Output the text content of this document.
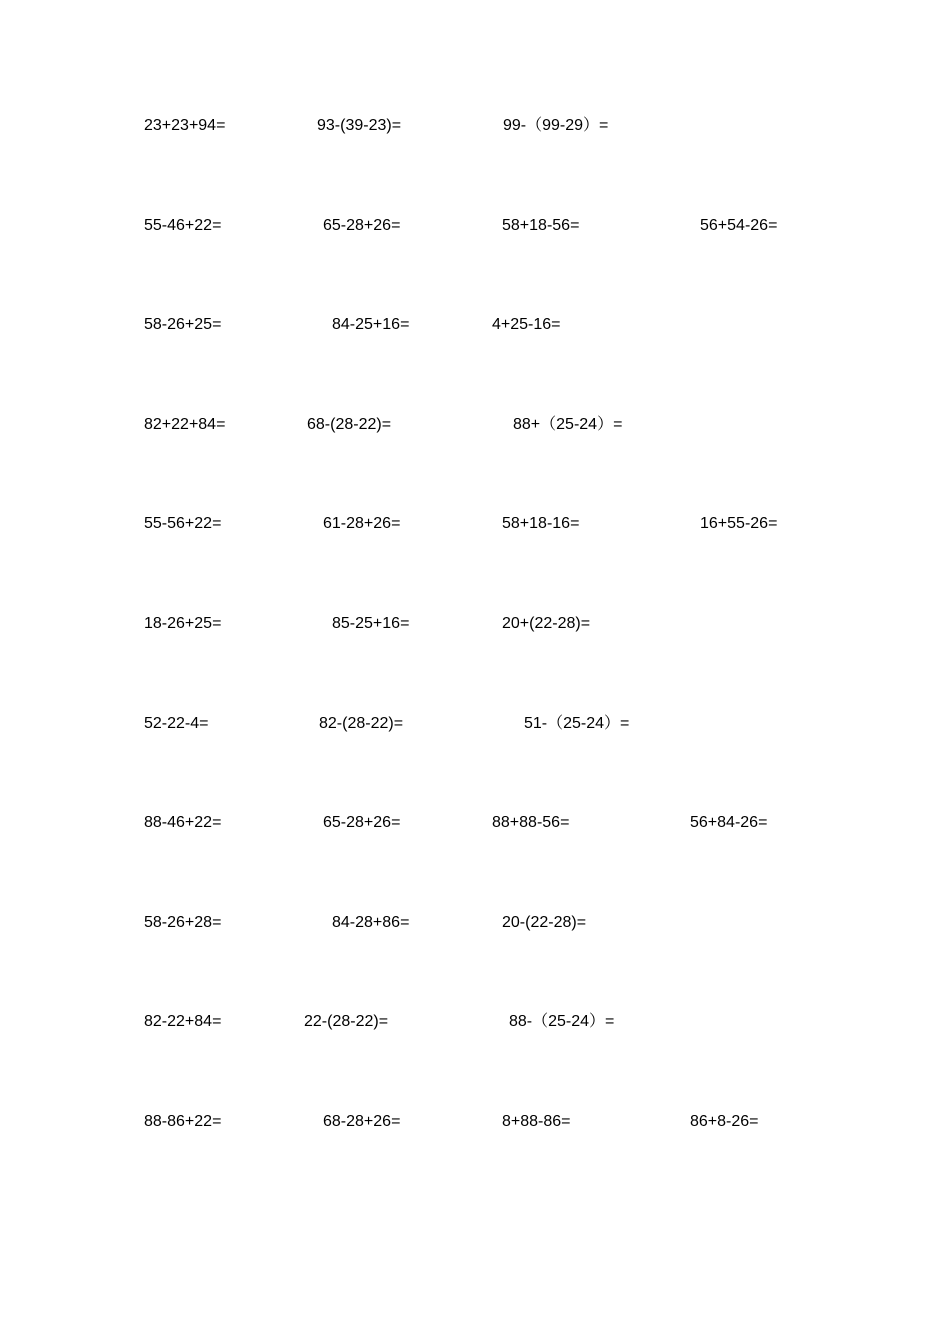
23+23+94=	93-(39-23)=	99-（99-29）=
55-46+22=	65-28+26=	58+18-56=	56+54-26=
58-26+25=	84-25+16=	4+25-16=
82+22+84=	68-(28-22)=	88+（25-24）=
55-56+22=	61-28+26=	58+18-16=	16+55-26=
18-26+25=	85-25+16=	20+(22-28)=
52-22-4=	82-(28-22)=	51-（25-24）=
88-46+22=	65-28+26=	88+88-56=	56+84-26=
58-26+28=	84-28+86=	20-(22-28)=
82-22+84=	22-(28-22)=	88-（25-24）=
88-86+22=	68-28+26=	8+88-86=	86+8-26=
